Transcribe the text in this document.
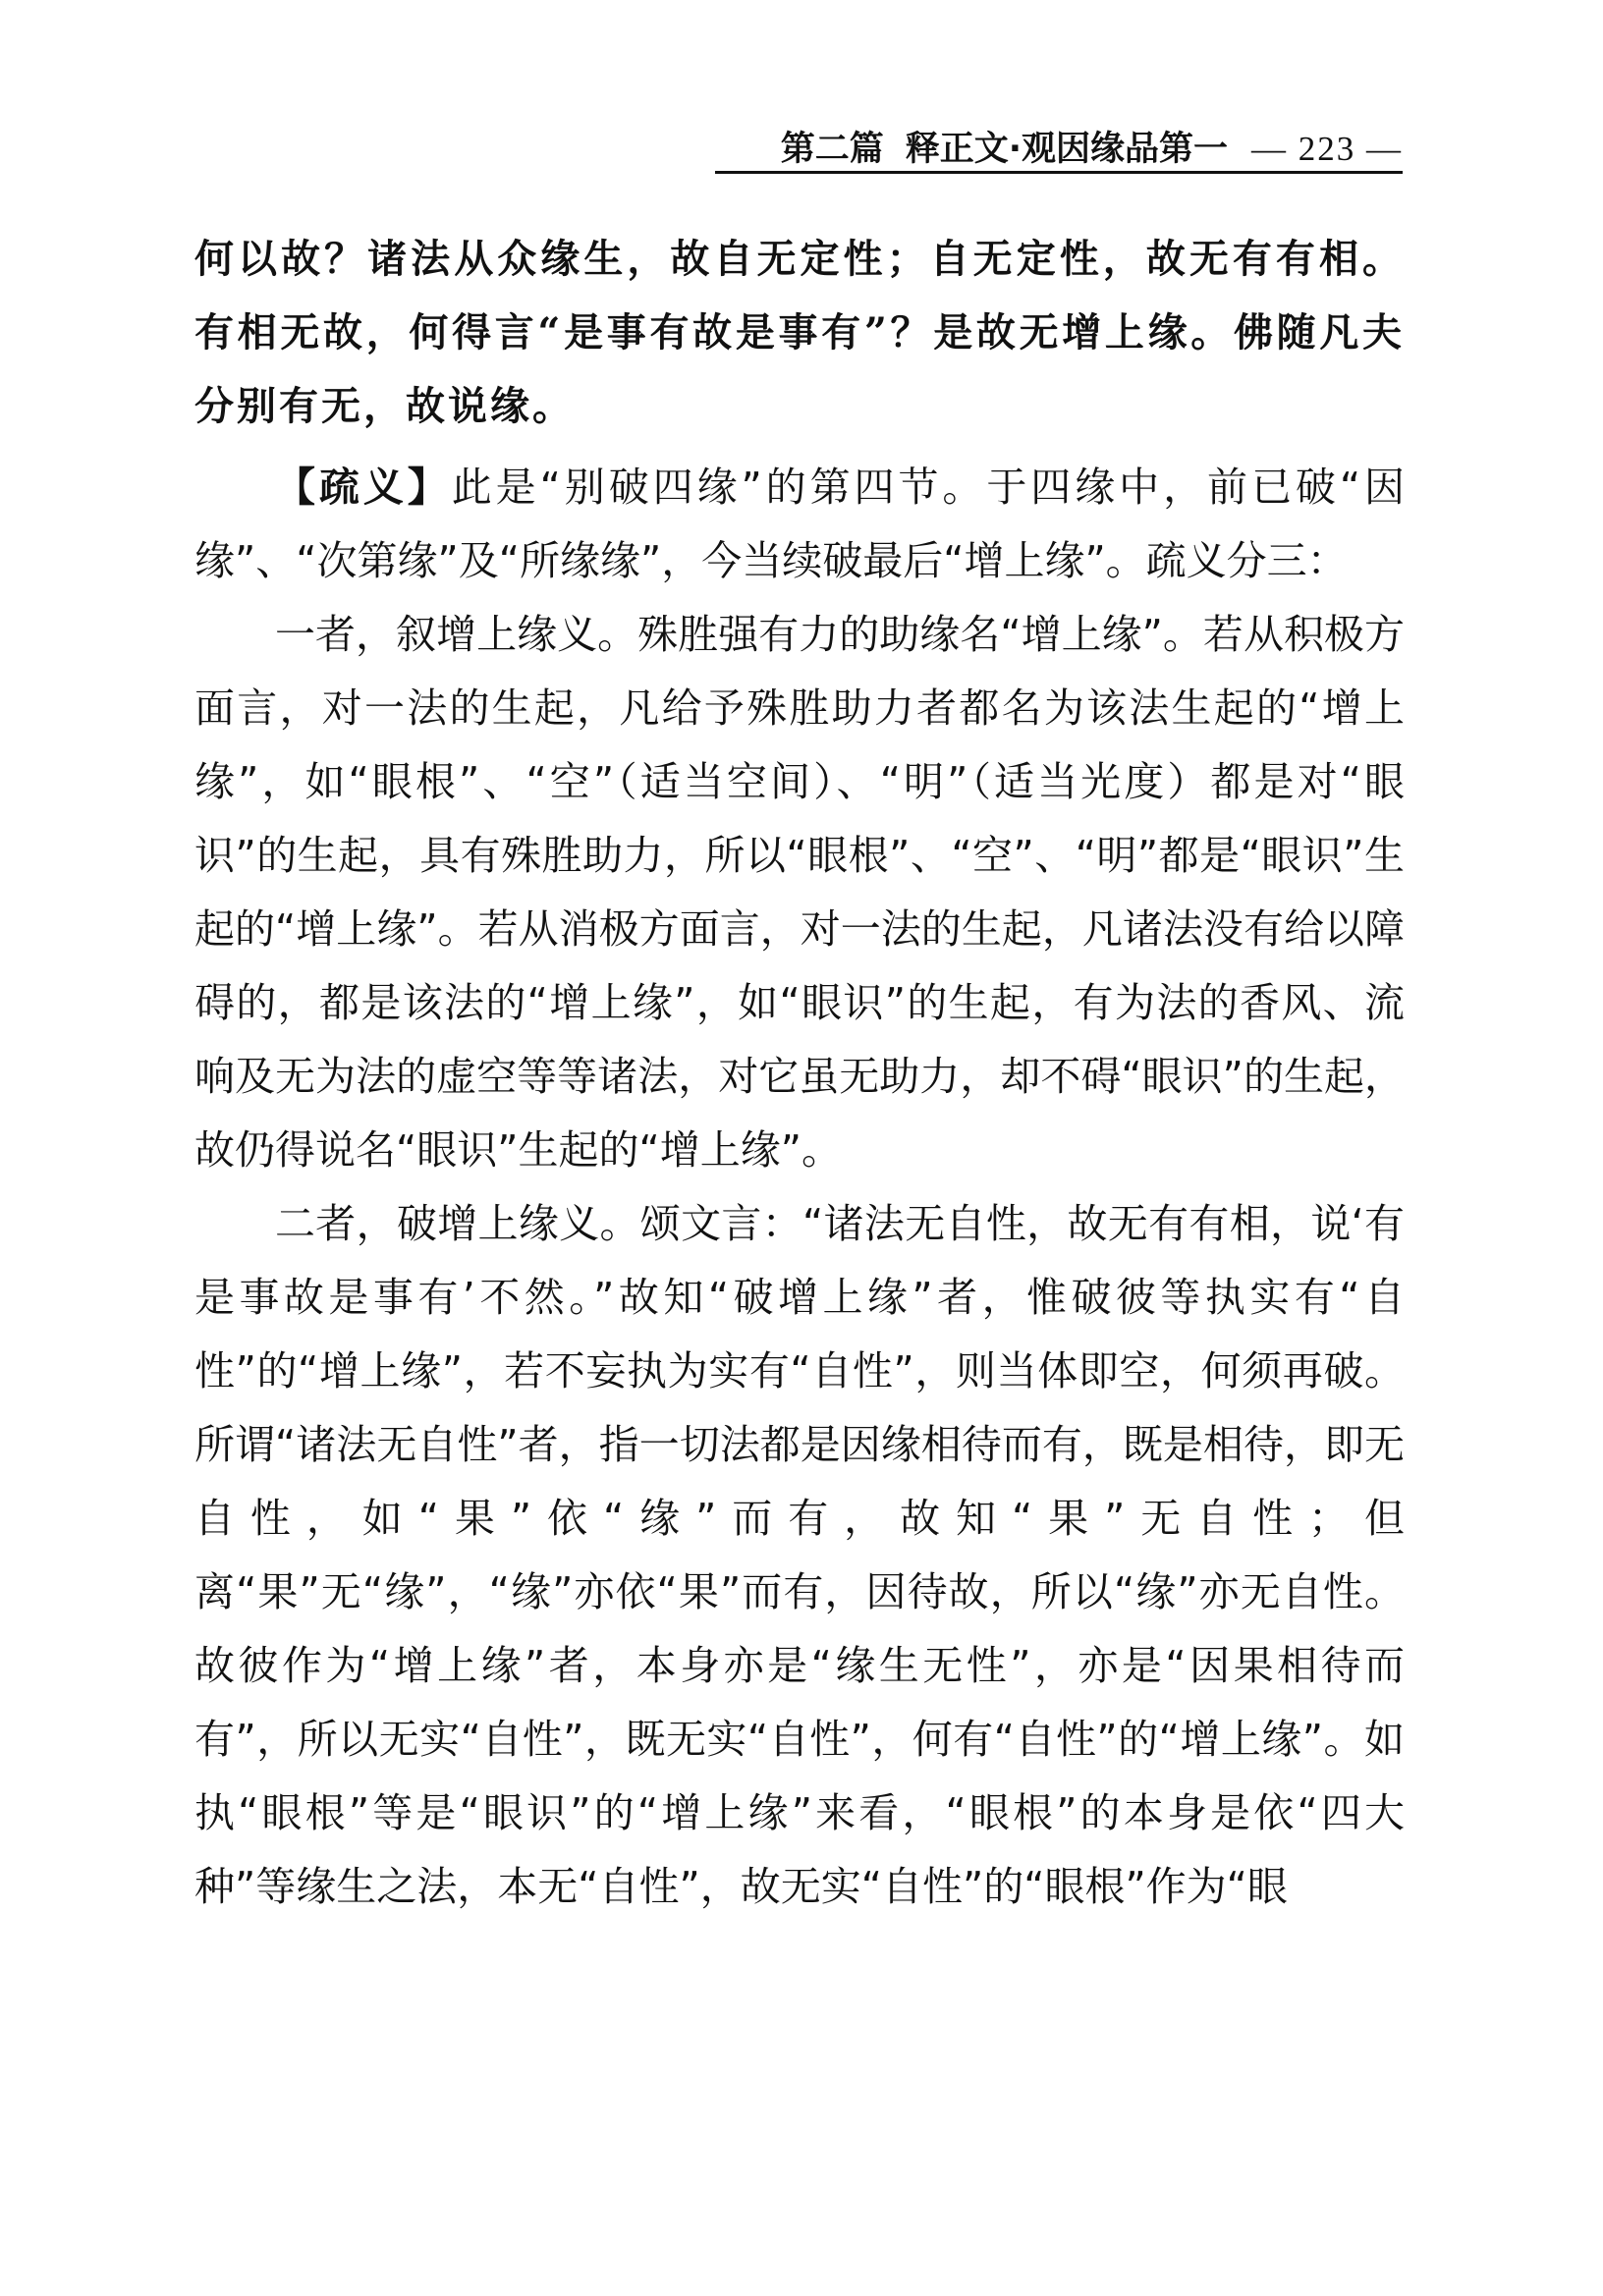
第二篇 释正文·观因缘品第一 — 223 —

何以故？诸法从众缘生，故自无定性；自无定性，故无有有相。有相无故，何得言“是事有故是事有”？是故无增上缘。佛随凡夫分别有无，故说缘。

【疏义】此是“别破四缘”的第四节。于四缘中，前已破“因缘”、“次第缘”及“所缘缘”，今当续破最后“增上缘”。疏义分三：

一者，叙增上缘义。殊胜强有力的助缘名“增上缘”。若从积极方面言，对一法的生起，凡给予殊胜助力者都名为该法生起的“增上缘”，如“眼根”、“空”（适当空间）、“明”（适当光度）都是对“眼识”的生起，具有殊胜助力，所以“眼根”、“空”、“明”都是“眼识”生起的“增上缘”。若从消极方面言，对一法的生起，凡诸法没有给以障碍的，都是该法的“增上缘”，如“眼识”的生起，有为法的香风、流响及无为法的虚空等等诸法，对它虽无助力，却不碍“眼识”的生起，故仍得说名“眼识”生起的“增上缘”。

二者，破增上缘义。颂文言：“诸法无自性，故无有有相，说‘有是事故是事有’不然。”故知“破增上缘”者，惟破彼等执实有“自性”的“增上缘”，若不妄执为实有“自性”，则当体即空，何须再破。所谓“诸法无自性”者，指一切法都是因缘相待而有，既是相待，即无自性，如“果”依“缘”而有，故知“果”无自性；但离“果”无“缘”，“缘”亦依“果”而有，因待故，所以“缘”亦无自性。故彼作为“增上缘”者，本身亦是“缘生无性”，亦是“因果相待而有”，所以无实“自性”，既无实“自性”，何有“自性”的“增上缘”。如执“眼根”等是“眼识”的“增上缘”来看，“眼根”的本身是依“四大种”等缘生之法，本无“自性”，故无实“自性”的“眼根”作为“眼
